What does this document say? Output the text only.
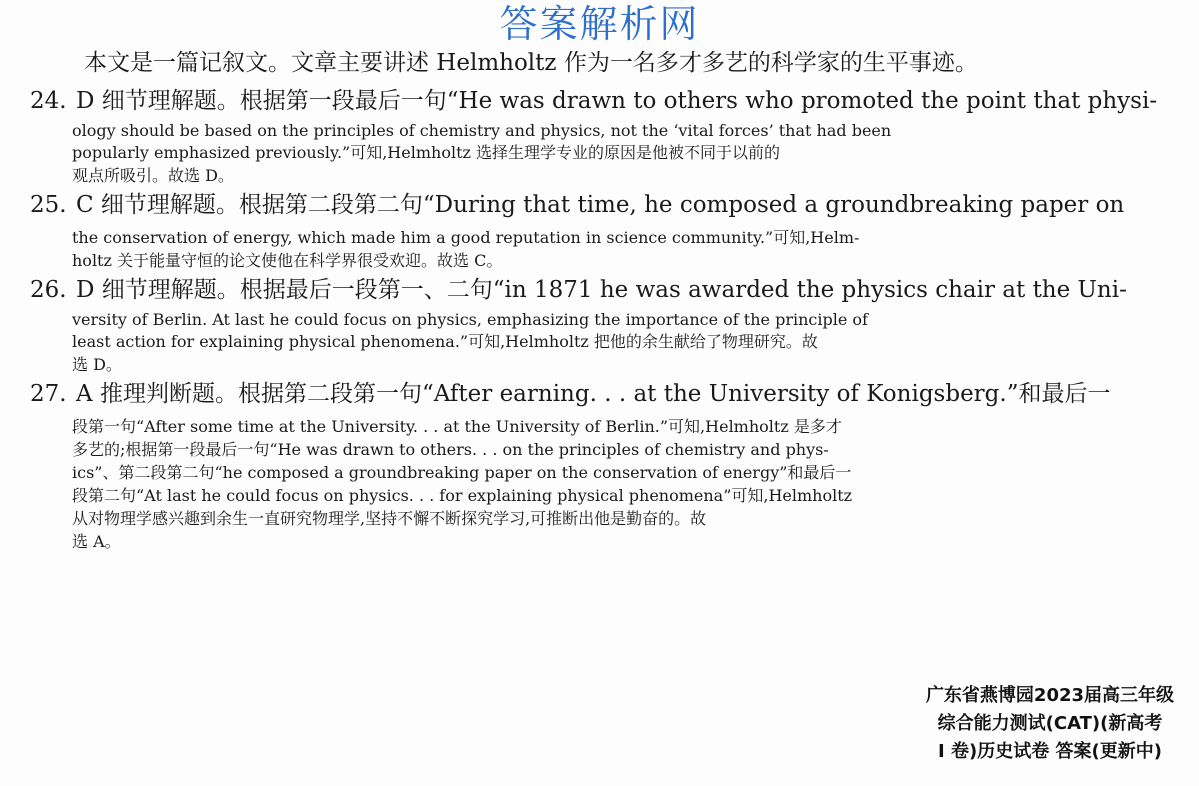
答案解析网

本文是一篇记叙文。文章主要讲述 Helmholtz 作为一名多才多艺的科学家的生平事迹。

24. D 细节理解题。根据第一段最后一句“He was drawn to others who promoted the point that physi-
ology should be based on the principles of chemistry and physics, not the ‘vital forces’ that had been
popularly emphasized previously.”可知,Helmholtz 选择生理学专业的原因是他被不同于以前的
观点所吸引。故选 D。
25. C 细节理解题。根据第二段第二句“During that time, he composed a groundbreaking paper on
the conservation of energy, which made him a good reputation in science community.”可知,Helm-
holtz 关于能量守恒的论文使他在科学界很受欢迎。故选 C。
26. D 细节理解题。根据最后一段第一、二句“in 1871 he was awarded the physics chair at the Uni-
versity of Berlin. At last he could focus on physics, emphasizing the importance of the principle of
least action for explaining physical phenomena.”可知,Helmholtz 把他的余生献给了物理研究。故
选 D。
27. A 推理判断题。根据第二段第一句“After earning. . . at the University of Konigsberg.”和最后一
段第一句“After some time at the University. . . at the University of Berlin.”可知,Helmholtz 是多才
多艺的;根据第一段最后一句“He was drawn to others. . . on the principles of chemistry and phys-
ics”、第二段第二句“he composed a groundbreaking paper on the conservation of energy”和最后一
段第二句“At last he could focus on physics. . . for explaining physical phenomena”可知,Helmholtz
从对物理学感兴趣到余生一直研究物理学,坚持不懈不断探究学习,可推断出他是勤奋的。故
选 A。
广东省燕博园2023届高三年级
综合能力测试(CAT)(新高考
I 卷)历史试卷 答案(更新中)
